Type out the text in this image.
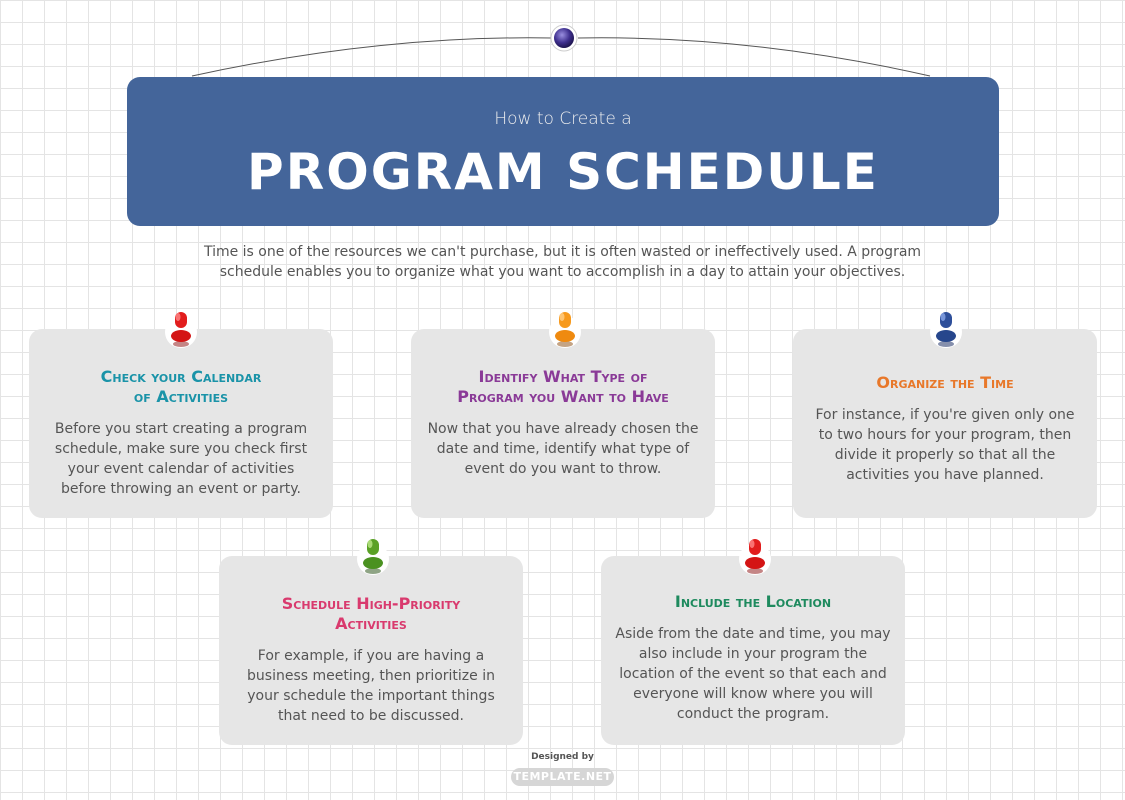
How to Create a
PROGRAM SCHEDULE
Time is one of the resources we can't purchase, but it is often wasted or ineffectively used. A program schedule enables you to organize what you want to accomplish in a day to attain your objectives.
Check your Calendar of Activities
Before you start creating a program schedule, make sure you check first your event calendar of activities before throwing an event or party.
Identify What Type of Program you Want to Have
Now that you have already chosen the date and time, identify what type of event do you want to throw.
Organize the Time
For instance, if you're given only one to two hours for your program, then divide it properly so that all the activities you have planned.
Schedule High-Priority Activities
For example, if you are having a business meeting, then prioritize in your schedule the important things that need to be discussed.
Include the Location
Aside from the date and time, you may also include in your program the location of the event so that each and everyone will know where you will conduct the program.
Designed by
TEMPLATE.NET
